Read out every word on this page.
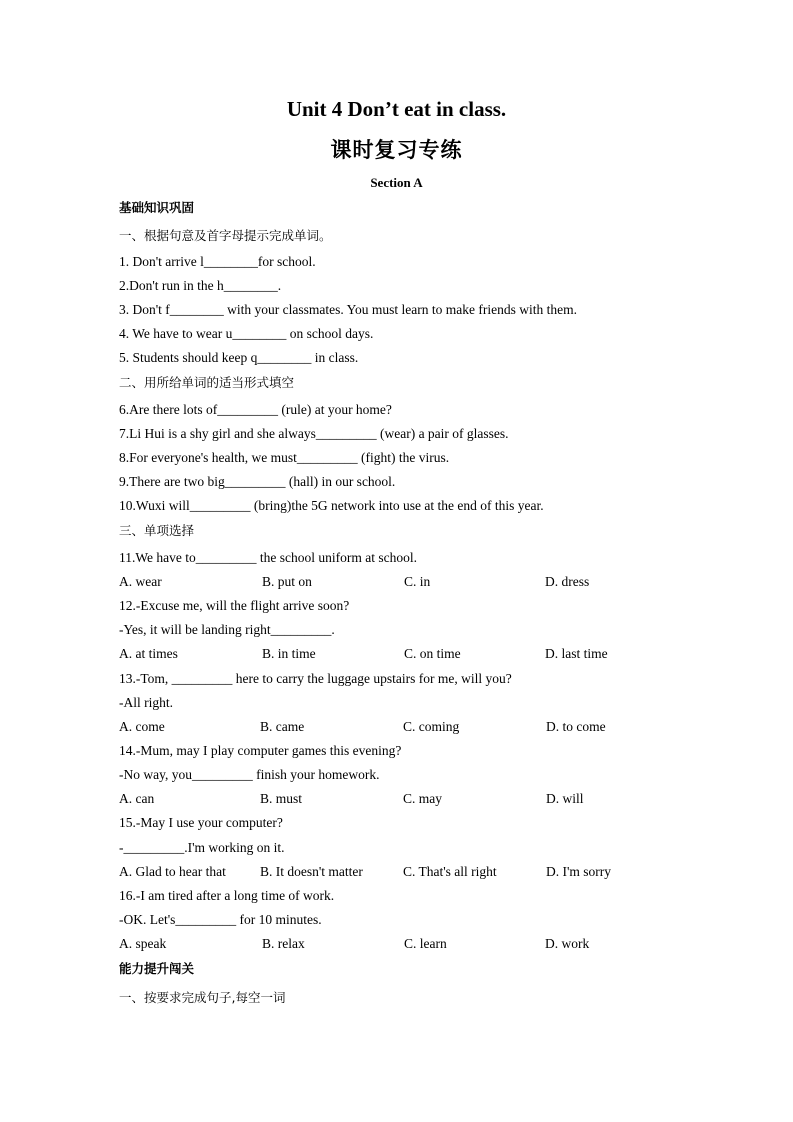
Unit 4 Don’t eat in class.
课时复习专练
Section A
基础知识巩固
一、根据句意及首字母提示完成单词。
1. Don't arrive l________for school.
2.Don't run in the h________.
3. Don't f________ with your classmates. You must learn to make friends with them.
4. We have to wear u________ on school days.
5. Students should keep q________ in class.
二、用所给单词的适当形式填空
6.Are there lots of_________ (rule) at your home?
7.Li Hui is a shy girl and she always_________ (wear) a pair of glasses.
8.For everyone's health, we must_________ (fight) the virus.
9.There are two big_________ (hall) in our school.
10.Wuxi will_________ (bring)the 5G network into use at the end of this year.
三、单项选择
11.We have to_________ the school uniform at school.
A. wear	B. put on	C. in	D. dress
12.-Excuse me, will the flight arrive soon?
-Yes, it will be landing right_________.
A. at times	B. in time	C. on time	D. last time
13.-Tom, _________ here to carry the luggage upstairs for me, will you?
-All right.
A. come	B. came	C. coming	D. to come
14.-Mum, may I play computer games this evening?
-No way, you_________ finish your homework.
A. can	B. must	C. may	D. will
15.-May I use your computer?
-_________.I'm working on it.
A. Glad to hear that	B. It doesn't matter	C. That's all right	D. I'm sorry
16.-I am tired after a long time of work.
-OK. Let's_________ for 10 minutes.
A. speak	B. relax	C. learn	D. work
能力提升闯关
一、按要求完成句子,每空一词
